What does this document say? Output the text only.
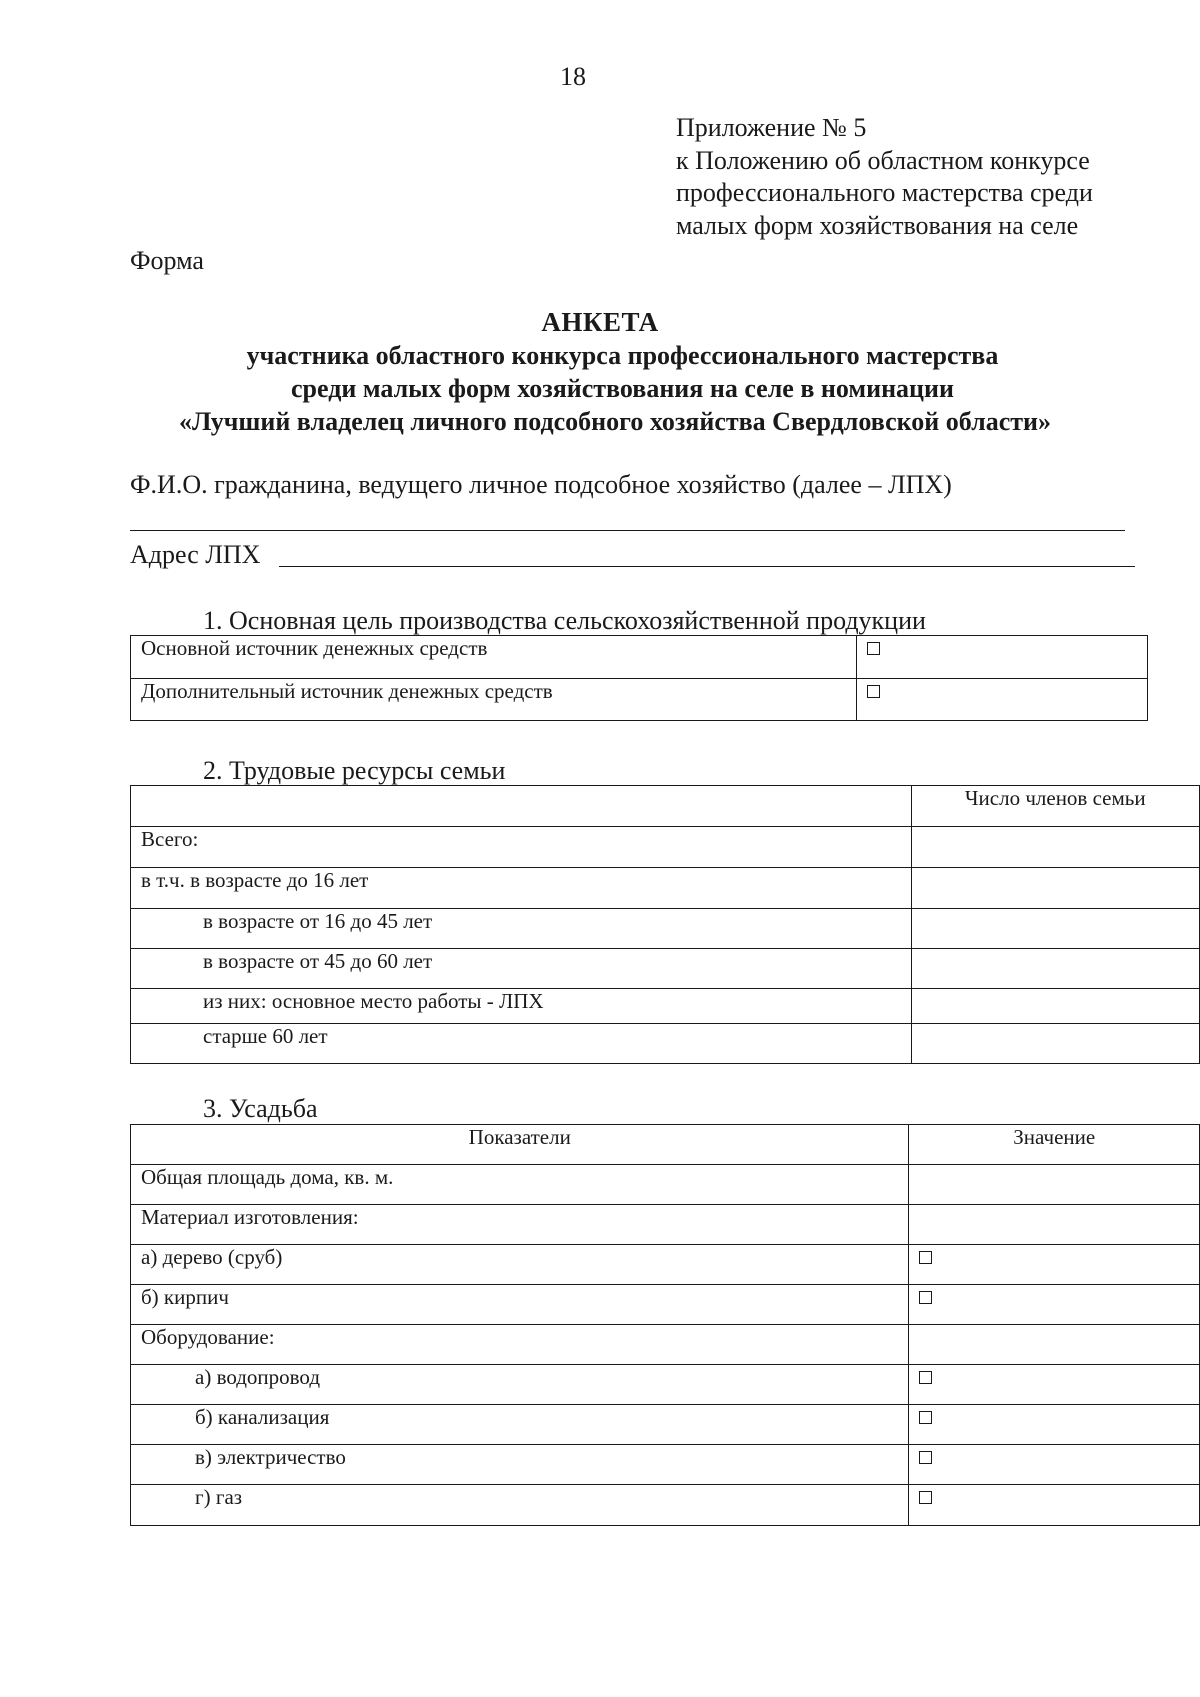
18
Приложение № 5
к Положению об областном конкурсе
профессионального мастерства среди
малых форм хозяйствования на селе
Форма
АНКЕТА
участника областного конкурса профессионального мастерства
среди малых форм хозяйствования на селе в номинации
«Лучший владелец личного подсобного хозяйства Свердловской области»
Ф.И.О. гражданина, ведущего личное подсобное хозяйство (далее – ЛПХ)
Адрес ЛПХ
1. Основная цель производства сельскохозяйственной продукции
Основной источник денежных средств	
Дополнительный источник денежных средств	
2. Трудовые ресурсы семьи
	Число членов семьи
Всего:	
в т.ч. в возрасте до 16 лет	
в возрасте от 16 до 45 лет	
в возрасте от 45 до 60 лет	
из них: основное место работы - ЛПХ	
старше 60 лет	
3. Усадьба
Показатели	Значение
Общая площадь дома, кв. м.	
Материал изготовления:	
а) дерево (сруб)	
б) кирпич	
Оборудование:	
а) водопровод	
б) канализация	
в) электричество	
г) газ	
